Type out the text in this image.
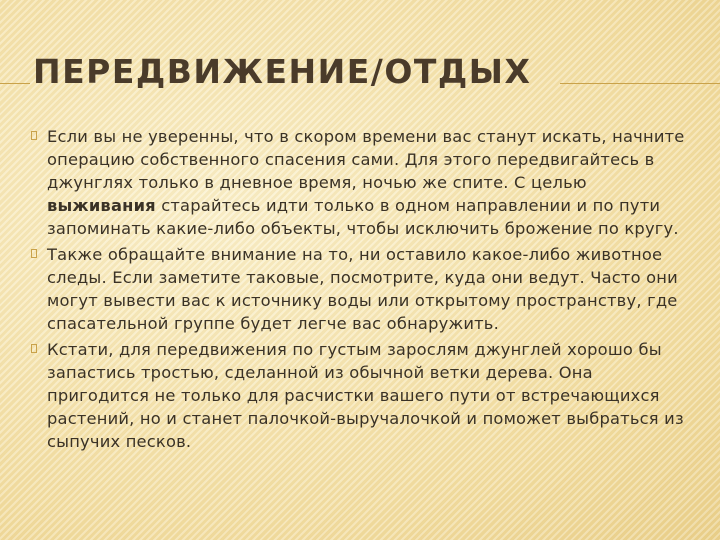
ПЕРЕДВИЖЕНИЕ/ОТДЫХ
Если вы не уверенны, что в скором времени вас станут искать, начните операцию собственного спасения сами. Для этого передвигайтесь в джунглях только в дневное время, ночью же спите. С целью выживания старайтесь идти только в одном направлении и по пути запоминать какие-либо объекты, чтобы исключить брожение по кругу.
Также обращайте внимание на то, ни оставило какое-либо животное следы. Если заметите таковые, посмотрите, куда они ведут. Часто они могут вывести вас к источнику воды или открытому пространству, где спасательной группе будет легче вас обнаружить.
Кстати, для передвижения по густым зарослям джунглей хорошо бы запастись тростью, сделанной из обычной ветки дерева. Она пригодится не только для расчистки вашего пути от встречающихся растений, но и станет палочкой-выручалочкой и поможет выбраться из сыпучих песков.
